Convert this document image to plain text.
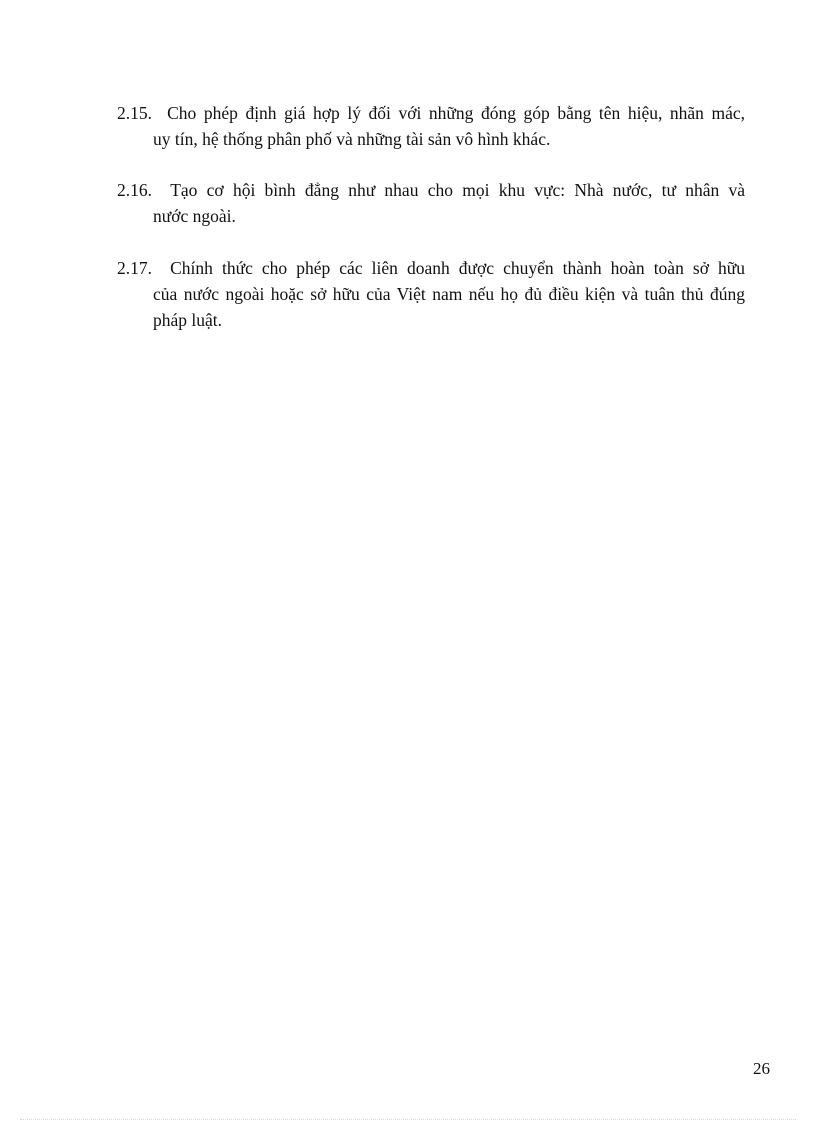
2.15. Cho phép định giá hợp lý đối với những đóng góp bằng tên hiệu, nhãn mác,
uy tín, hệ thống phân phố và những tài sản vô hình khác.
2.16. Tạo cơ hội bình đẳng như nhau cho mọi khu vực: Nhà nước, tư nhân và
nước ngoài.
2.17. Chính thức cho phép các liên doanh được chuyển thành hoàn toàn sở hữu
của nước ngoài hoặc sở hữu của Việt nam nếu họ đủ điều kiện và tuân thủ đúng pháp luật.
26
